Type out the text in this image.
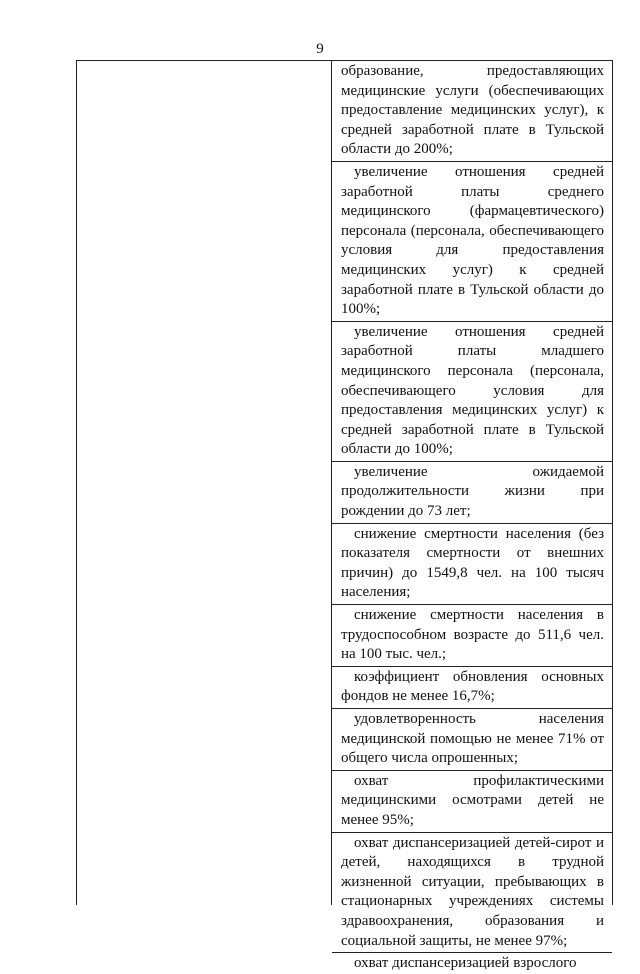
9
образование, предоставляющих медицинские услуги (обеспечивающих предоставление медицинских услуг), к средней заработной плате в Тульской области до 200%;
увеличение отношения средней заработной платы среднего медицинского (фармацевтического) персонала (персонала, обеспечивающего условия для предоставления медицинских услуг) к средней заработной плате в Тульской области до 100%;
увеличение отношения средней заработной платы младшего медицинского персонала (персонала, обеспечивающего условия для предоставления медицинских услуг) к средней заработной плате в Тульской области до 100%;
увеличение ожидаемой продолжительности жизни при рождении до 73 лет;
снижение смертности населения (без показателя смертности от внешних причин) до 1549,8 чел. на 100 тысяч населения;
снижение смертности населения в трудоспособном возрасте до 511,6 чел. на 100 тыс. чел.;
коэффициент обновления основных фондов не менее 16,7%;
удовлетворенность населения медицинской помощью не менее 71% от общего числа опрошенных;
охват профилактическими медицинскими осмотрами детей не менее 95%;
охват диспансеризацией детей-сирот и детей, находящихся в трудной жизненной ситуации, пребывающих в стационарных учреждениях системы здравоохранения, образования и социальной защиты, не менее 97%;
охват диспансеризацией взрослого
